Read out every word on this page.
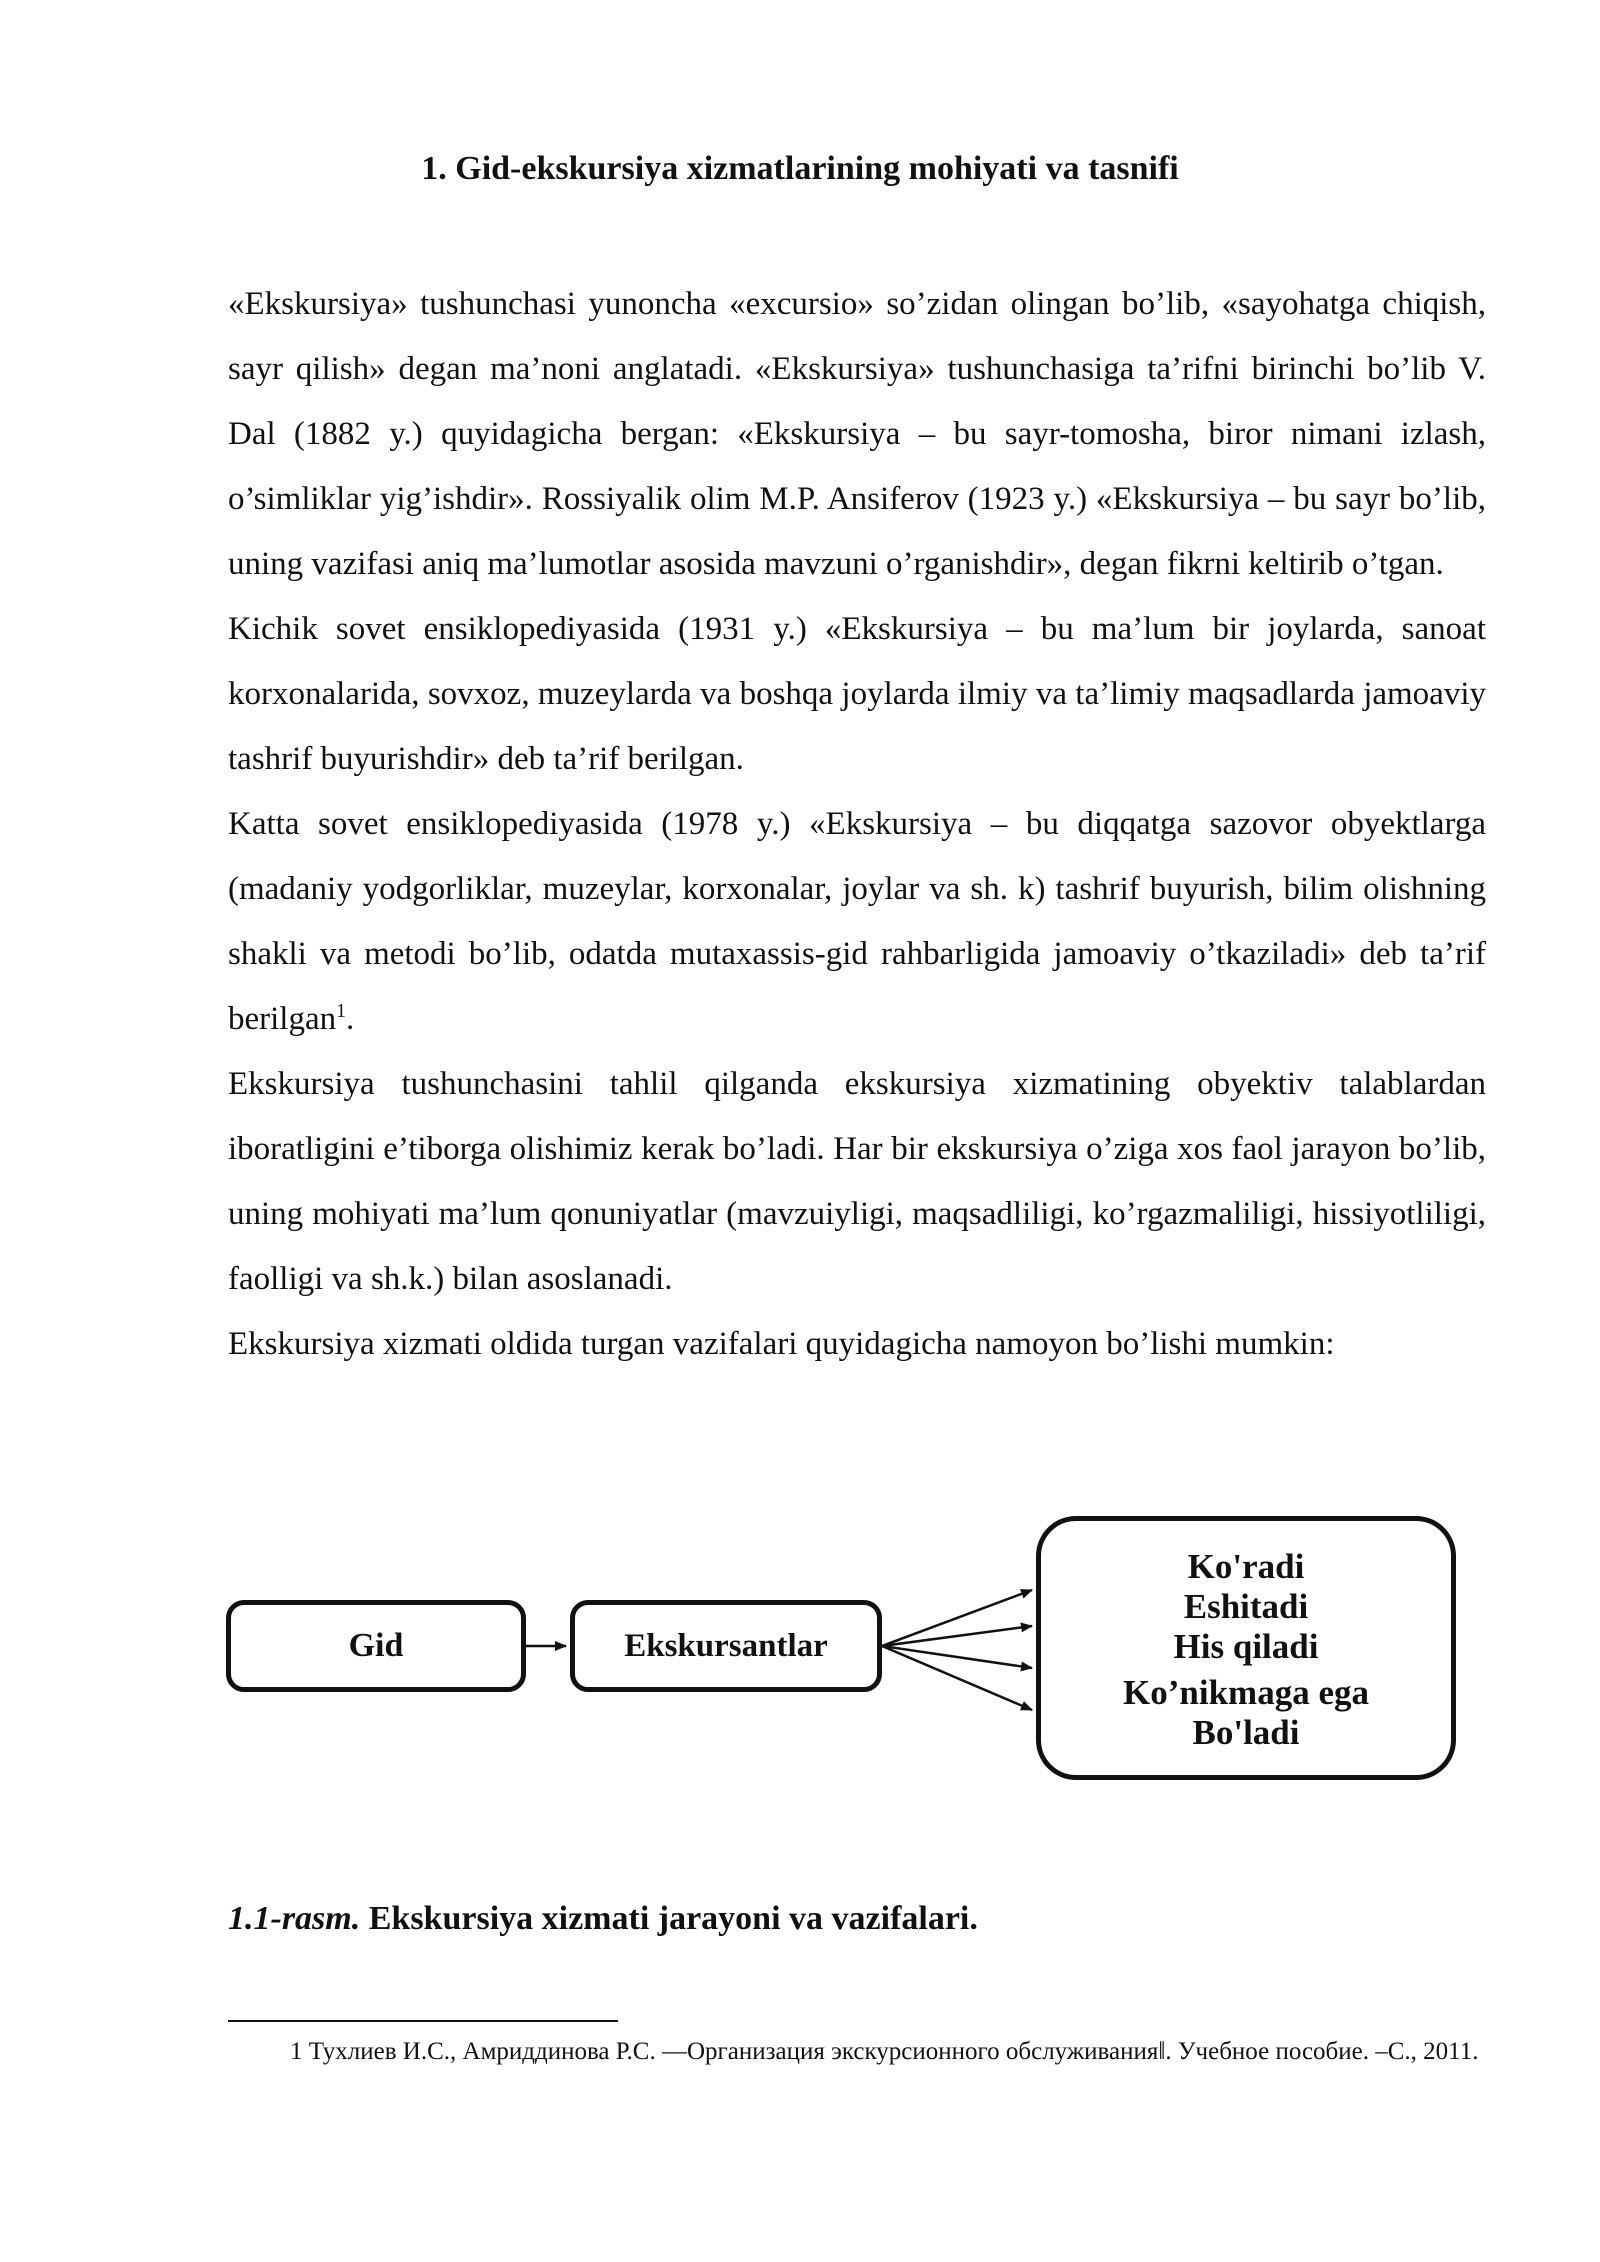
1. Gid-ekskursiya xizmatlarining mohiyati va tasnifi

«Ekskursiya» tushunchasi yunoncha «excursio» so’zidan olingan bo’lib, «sayohatga chiqish, sayr qilish» degan ma’noni anglatadi. «Ekskursiya» tushunchasiga ta’rifni birinchi bo’lib V. Dal (1882 y.) quyidagicha bergan: «Ekskursiya – bu sayr-tomosha, biror nimani izlash, o’simliklar yig’ishdir». Rossiyalik olim M.P. Ansiferov (1923 y.) «Ekskursiya – bu sayr bo’lib, uning vazifasi aniq ma’lumotlar asosida mavzuni o’rganishdir», degan fikrni keltirib o’tgan.

Kichik sovet ensiklopediyasida (1931 y.) «Ekskursiya – bu ma’lum bir joylarda, sanoat korxonalarida, sovxoz, muzeylarda va boshqa joylarda ilmiy va ta’limiy maqsadlarda jamoaviy tashrif buyurishdir» deb ta’rif berilgan.

Katta sovet ensiklopediyasida (1978 y.) «Ekskursiya – bu diqqatga sazovor obyektlarga (madaniy yodgorliklar, muzeylar, korxonalar, joylar va sh. k) tashrif buyurish, bilim olishning shakli va metodi bo’lib, odatda mutaxassis-gid rahbarligida jamoaviy o’tkaziladi» deb ta’rif berilgan$^1$.

Ekskursiya tushunchasini tahlil qilganda ekskursiya xizmatining obyektiv talablardan iboratligini e’tiborga olishimiz kerak bo’ladi. Har bir ekskursiya o’ziga xos faol jarayon bo’lib, uning mohiyati ma’lum qonuniyatlar (mavzuiyligi, maqsadliligi, ko’rgazmaliligi, hissiyotliligi, faolligi va sh.k.) bilan asoslanadi.

Ekskursiya xizmati oldida turgan vazifalari quyidagicha namoyon bo’lishi mumkin:

Gid	Ekskursantlar
Ko'radi
Eshitadi
His qiladi
Ko’nikmaga ega
Bo'ladi
1.1-rasm. Ekskursiya xizmati jarayoni va vazifalari.
1 Тухлиев И.С., Амриддинова Р.С. ―Организация экскурсионного обслуживания‖. Учебное пособие. –С., 2011.
